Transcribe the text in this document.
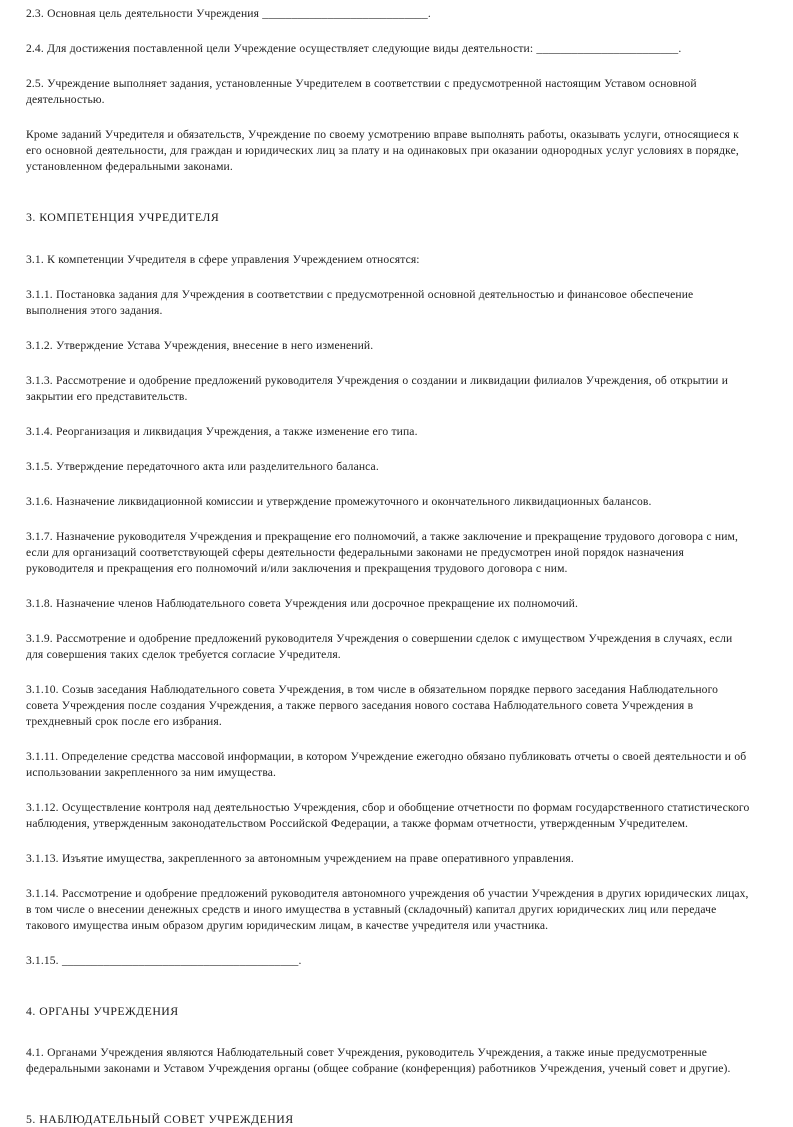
2.3. Основная цель деятельности Учреждения ____________________________.

2.4. Для достижения поставленной цели Учреждение осуществляет следующие виды деятельности: ________________________.

2.5. Учреждение выполняет задания, установленные Учредителем в соответствии с предусмотренной настоящим Уставом основной деятельностью.

Кроме заданий Учредителя и обязательств, Учреждение по своему усмотрению вправе выполнять работы, оказывать услуги, относящиеся к его основной деятельности, для граждан и юридических лиц за плату и на одинаковых при оказании однородных услуг условиях в порядке, установленном федеральными законами.

3. КОМПЕТЕНЦИЯ УЧРЕДИТЕЛЯ

3.1. К компетенции Учредителя в сфере управления Учреждением относятся:

3.1.1. Постановка задания для Учреждения в соответствии с предусмотренной основной деятельностью и финансовое обеспечение выполнения этого задания.

3.1.2. Утверждение Устава Учреждения, внесение в него изменений.

3.1.3. Рассмотрение и одобрение предложений руководителя Учреждения о создании и ликвидации филиалов Учреждения, об открытии и закрытии его представительств.

3.1.4. Реорганизация и ликвидация Учреждения, а также изменение его типа.

3.1.5. Утверждение передаточного акта или разделительного баланса.

3.1.6. Назначение ликвидационной комиссии и утверждение промежуточного и окончательного ликвидационных балансов.

3.1.7. Назначение руководителя Учреждения и прекращение его полномочий, а также заключение и прекращение трудового договора с ним, если для организаций соответствующей сферы деятельности федеральными законами не предусмотрен иной порядок назначения руководителя и прекращения его полномочий и/или заключения и прекращения трудового договора с ним.

3.1.8. Назначение членов Наблюдательного совета Учреждения или досрочное прекращение их полномочий.

3.1.9. Рассмотрение и одобрение предложений руководителя Учреждения о совершении сделок с имуществом Учреждения в случаях, если для совершения таких сделок требуется согласие Учредителя.

3.1.10. Созыв заседания Наблюдательного совета Учреждения, в том числе в обязательном порядке первого заседания Наблюдательного совета Учреждения после создания Учреждения, а также первого заседания нового состава Наблюдательного совета Учреждения в трехдневный срок после его избрания.

3.1.11. Определение средства массовой информации, в котором Учреждение ежегодно обязано публиковать отчеты о своей деятельности и об использовании закрепленного за ним имущества.

3.1.12. Осуществление контроля над деятельностью Учреждения, сбор и обобщение отчетности по формам государственного статистического наблюдения, утвержденным законодательством Российской Федерации, а также формам отчетности, утвержденным Учредителем.

3.1.13. Изъятие имущества, закрепленного за автономным учреждением на праве оперативного управления.

3.1.14. Рассмотрение и одобрение предложений руководителя автономного учреждения об участии Учреждения в других юридических лицах, в том числе о внесении денежных средств и иного имущества в уставный (складочный) капитал других юридических лиц или передаче такового имущества иным образом другим юридическим лицам, в качестве учредителя или участника.

3.1.15. ________________________________________.

4. ОРГАНЫ УЧРЕЖДЕНИЯ

4.1. Органами Учреждения являются Наблюдательный совет Учреждения, руководитель Учреждения, а также иные предусмотренные федеральными законами и Уставом Учреждения органы (общее собрание (конференция) работников Учреждения, ученый совет и другие).

5. НАБЛЮДАТЕЛЬНЫЙ СОВЕТ УЧРЕЖДЕНИЯ
